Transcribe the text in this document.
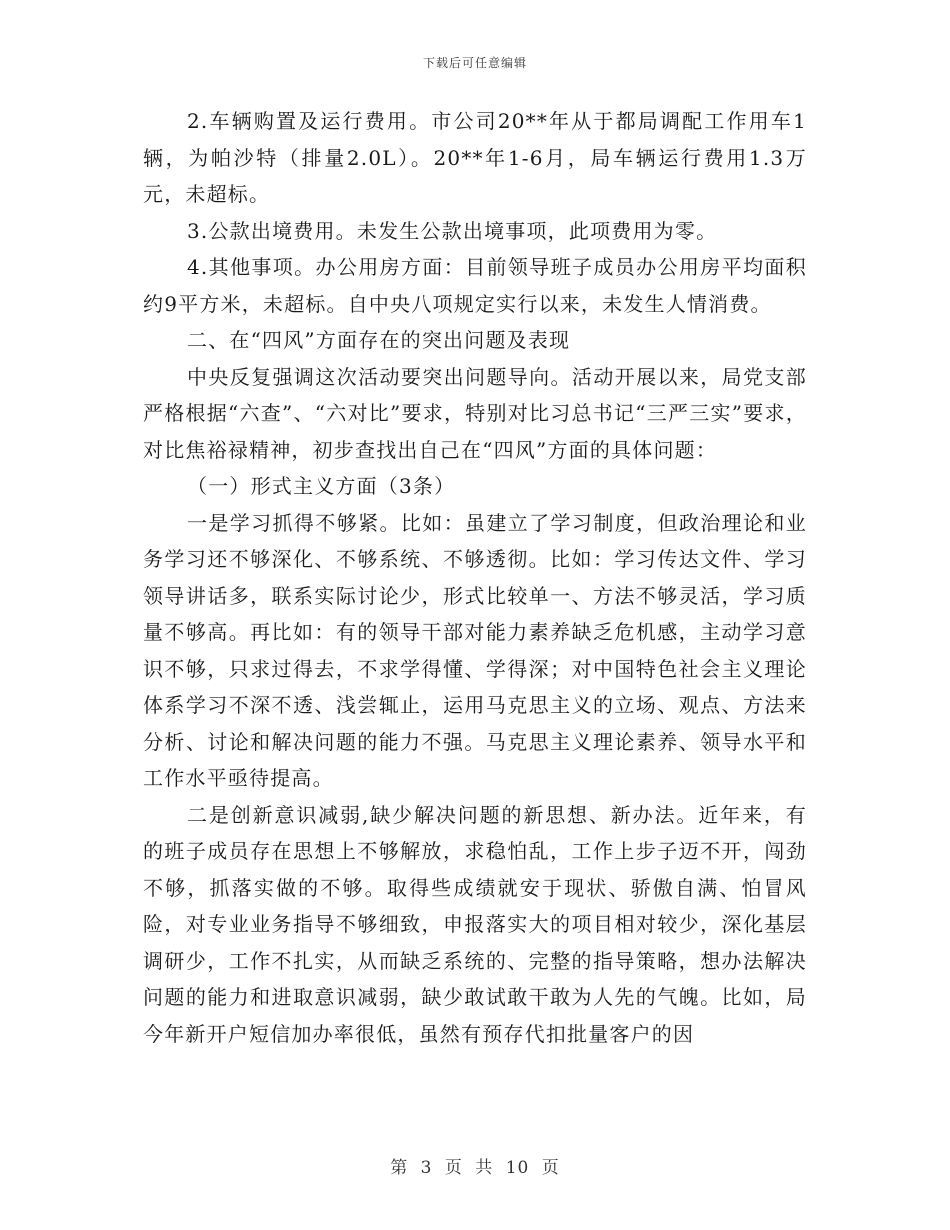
下载后可任意编辑

2.车辆购置及运行费用。市公司20**年从于都局调配工作用车1辆，为帕沙特（排量2.0L）。20**年1-6月，局车辆运行费用1.3万元，未超标。

3.公款出境费用。未发生公款出境事项，此项费用为零。

4.其他事项。办公用房方面：目前领导班子成员办公用房平均面积约9平方米，未超标。自中央八项规定实行以来，未发生人情消费。

二、在“四风”方面存在的突出问题及表现

中央反复强调这次活动要突出问题导向。活动开展以来，局党支部严格根据“六查”、“六对比”要求，特别对比习总书记“三严三实”要求，对比焦裕禄精神，初步查找出自己在“四风”方面的具体问题：

（一）形式主义方面（3条）

一是学习抓得不够紧。比如：虽建立了学习制度，但政治理论和业务学习还不够深化、不够系统、不够透彻。比如：学习传达文件、学习领导讲话多，联系实际讨论少，形式比较单一、方法不够灵活，学习质量不够高。再比如：有的领导干部对能力素养缺乏危机感，主动学习意识不够，只求过得去，不求学得懂、学得深；对中国特色社会主义理论体系学习不深不透、浅尝辄止，运用马克思主义的立场、观点、方法来分析、讨论和解决问题的能力不强。马克思主义理论素养、领导水平和工作水平亟待提高。

二是创新意识减弱,缺少解决问题的新思想、新办法。近年来，有的班子成员存在思想上不够解放，求稳怕乱，工作上步子迈不开，闯劲不够，抓落实做的不够。取得些成绩就安于现状、骄傲自满、怕冒风险，对专业业务指导不够细致，申报落实大的项目相对较少，深化基层调研少，工作不扎实，从而缺乏系统的、完整的指导策略，想办法解决问题的能力和进取意识减弱，缺少敢试敢干敢为人先的气魄。比如，局今年新开户短信加办率很低，虽然有预存代扣批量客户的因

第 3 页 共 10 页
